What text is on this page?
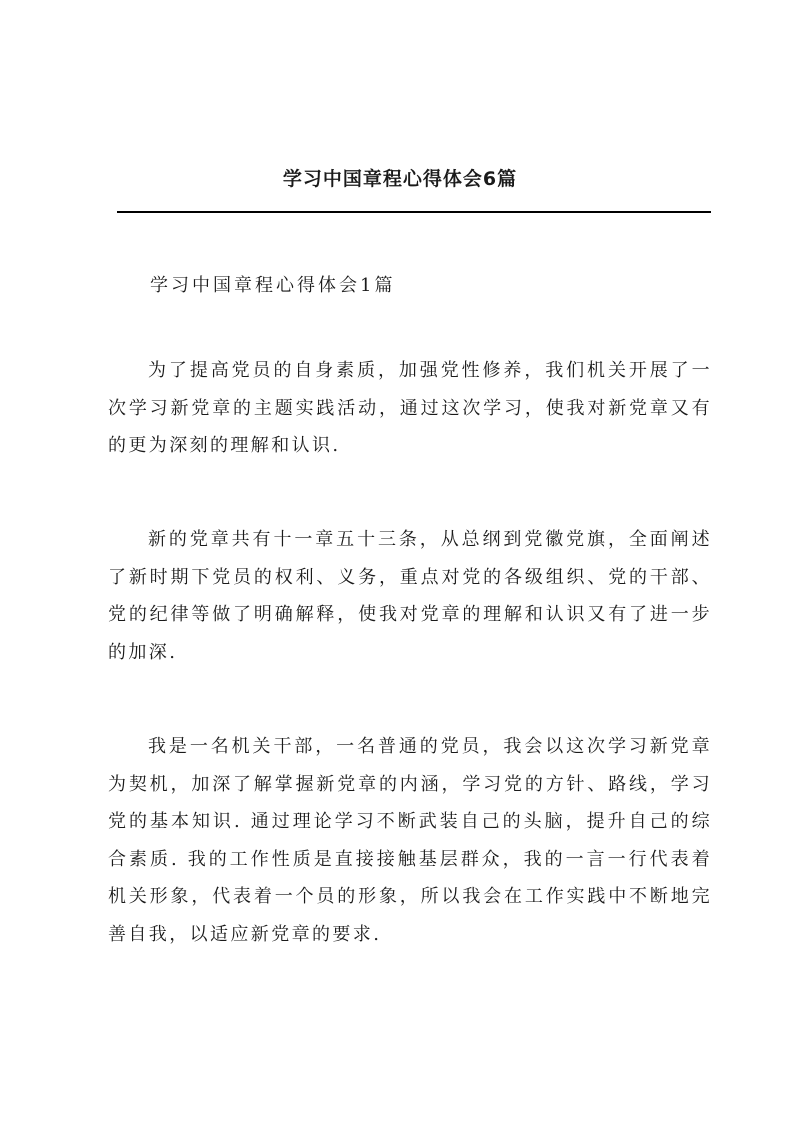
学习中国章程心得体会6篇
学习中国章程心得体会1篇

为了提高党员的自身素质，加强党性修养，我们机关开展了一次学习新党章的主题实践活动，通过这次学习，使我对新党章又有的更为深刻的理解和认识.

新的党章共有十一章五十三条，从总纲到党徽党旗，全面阐述了新时期下党员的权利、义务，重点对党的各级组织、党的干部、党的纪律等做了明确解释，使我对党章的理解和认识又有了进一步的加深.

我是一名机关干部，一名普通的党员，我会以这次学习新党章为契机，加深了解掌握新党章的内涵，学习党的方针、路线，学习党的基本知识. 通过理论学习不断武装自己的头脑，提升自己的综合素质. 我的工作性质是直接接触基层群众，我的一言一行代表着机关形象，代表着一个员的形象，所以我会在工作实践中不断地完善自我，以适应新党章的要求.
